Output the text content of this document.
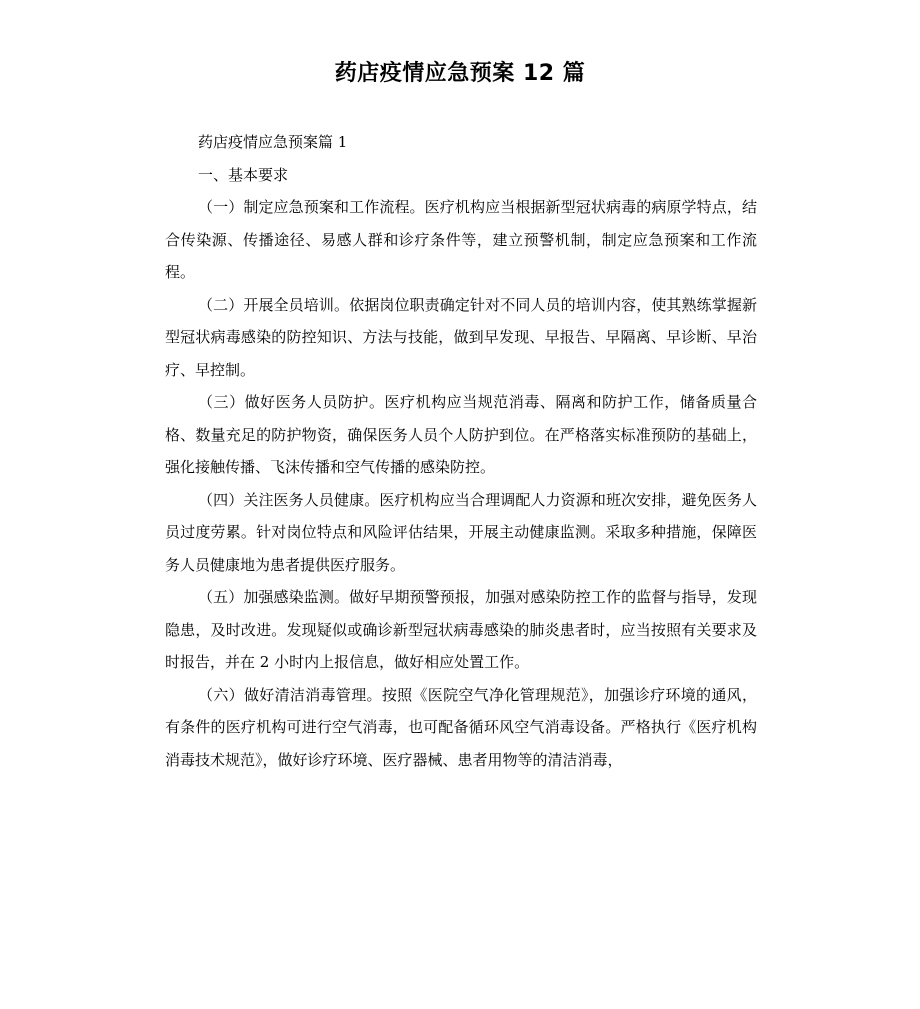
药店疫情应急预案 12 篇

药店疫情应急预案篇 1

一、基本要求

（一）制定应急预案和工作流程。医疗机构应当根据新型冠状病毒的病原学特点，结合传染源、传播途径、易感人群和诊疗条件等，建立预警机制，制定应急预案和工作流程。

（二）开展全员培训。依据岗位职责确定针对不同人员的培训内容，使其熟练掌握新型冠状病毒感染的防控知识、方法与技能，做到早发现、早报告、早隔离、早诊断、早治疗、早控制。

（三）做好医务人员防护。医疗机构应当规范消毒、隔离和防护工作，储备质量合格、数量充足的防护物资，确保医务人员个人防护到位。在严格落实标准预防的基础上，强化接触传播、飞沫传播和空气传播的感染防控。

（四）关注医务人员健康。医疗机构应当合理调配人力资源和班次安排，避免医务人员过度劳累。针对岗位特点和风险评估结果，开展主动健康监测。采取多种措施，保障医务人员健康地为患者提供医疗服务。

（五）加强感染监测。做好早期预警预报，加强对感染防控工作的监督与指导，发现隐患，及时改进。发现疑似或确诊新型冠状病毒感染的肺炎患者时，应当按照有关要求及时报告，并在 2 小时内上报信息，做好相应处置工作。

（六）做好清洁消毒管理。按照《医院空气净化管理规范》，加强诊疗环境的通风，有条件的医疗机构可进行空气消毒，也可配备循环风空气消毒设备。严格执行《医疗机构消毒技术规范》，做好诊疗环境、医疗器械、患者用物等的清洁消毒，
